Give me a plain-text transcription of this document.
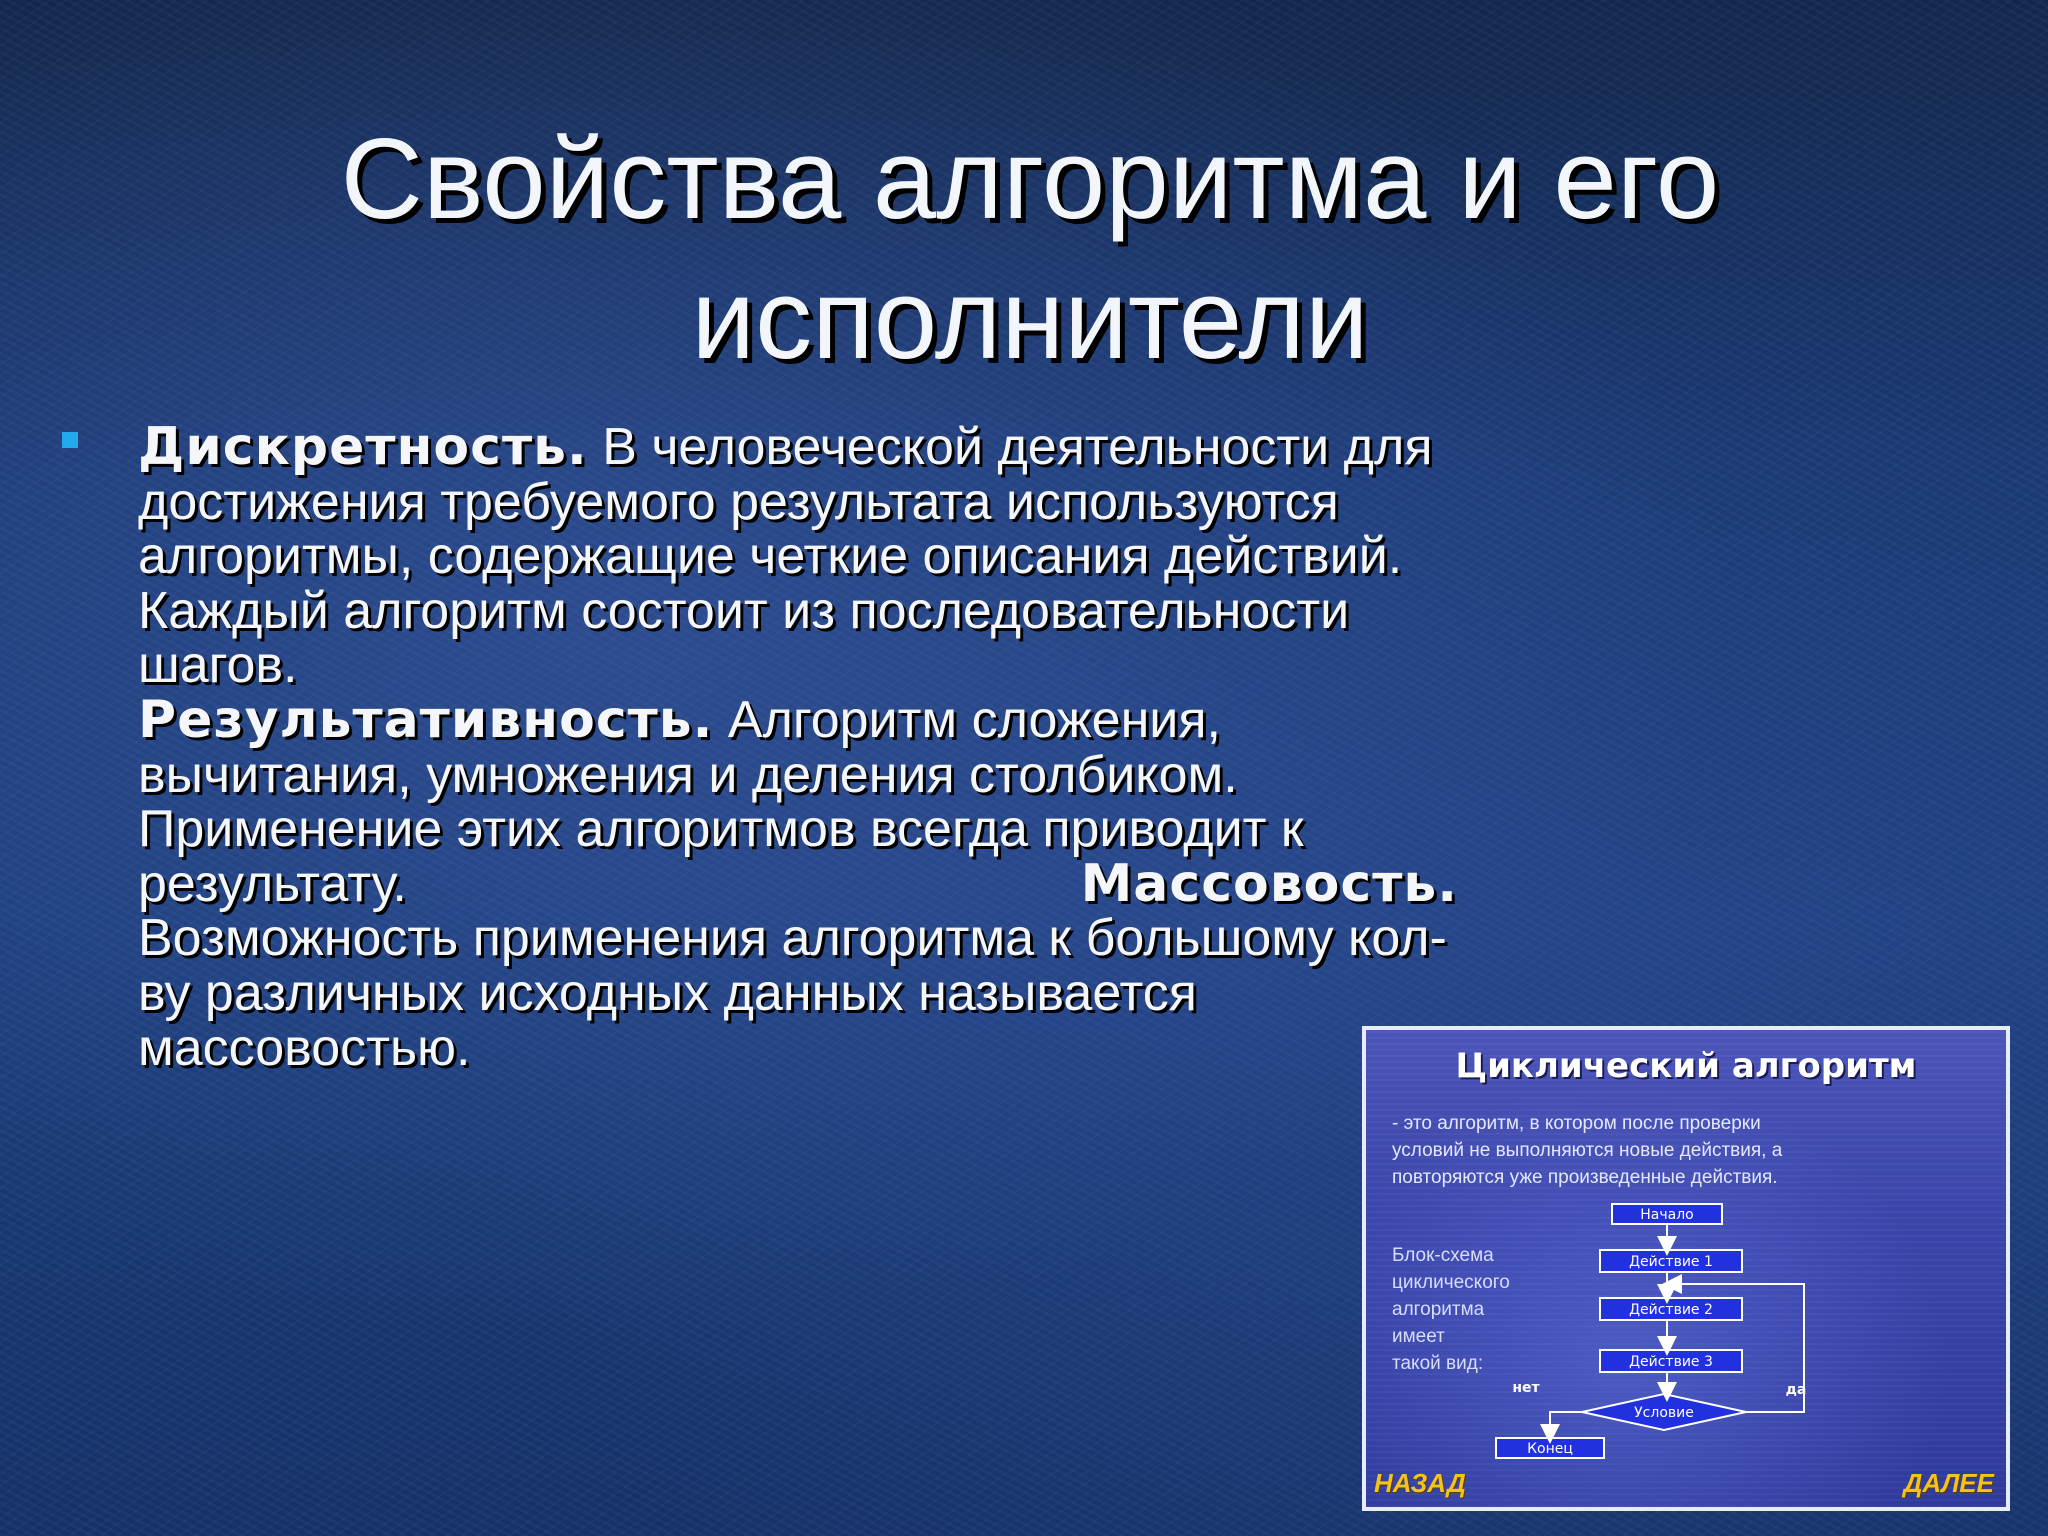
Свойства алгоритма и его
исполнители

Дискретность. В человеческой деятельности для достижения требуемого результата используются алгоритмы, содержащие четкие описания действий. Каждый алгоритм состоит из последовательности шагов.

Результативность. Алгоритм сложения, вычитания, умножения и деления столбиком. Применение этих алгоритмов всегда приводит к

результату.	Массовость.

Возможность применения алгоритма к большому кол-ву различных исходных данных называется массовостью.	Циклический алгоритм
- это алгоритм, в котором после проверки
условий не выполняются новые действия, а
повторяются уже произведенные действия.
Блок-схема
циклического
алгоритма
имеет
такой вид:
Начало
Действие 1
Действие 2
Действие 3
Условие
Конец
нет	да
НАЗАД	ДАЛЕЕ
